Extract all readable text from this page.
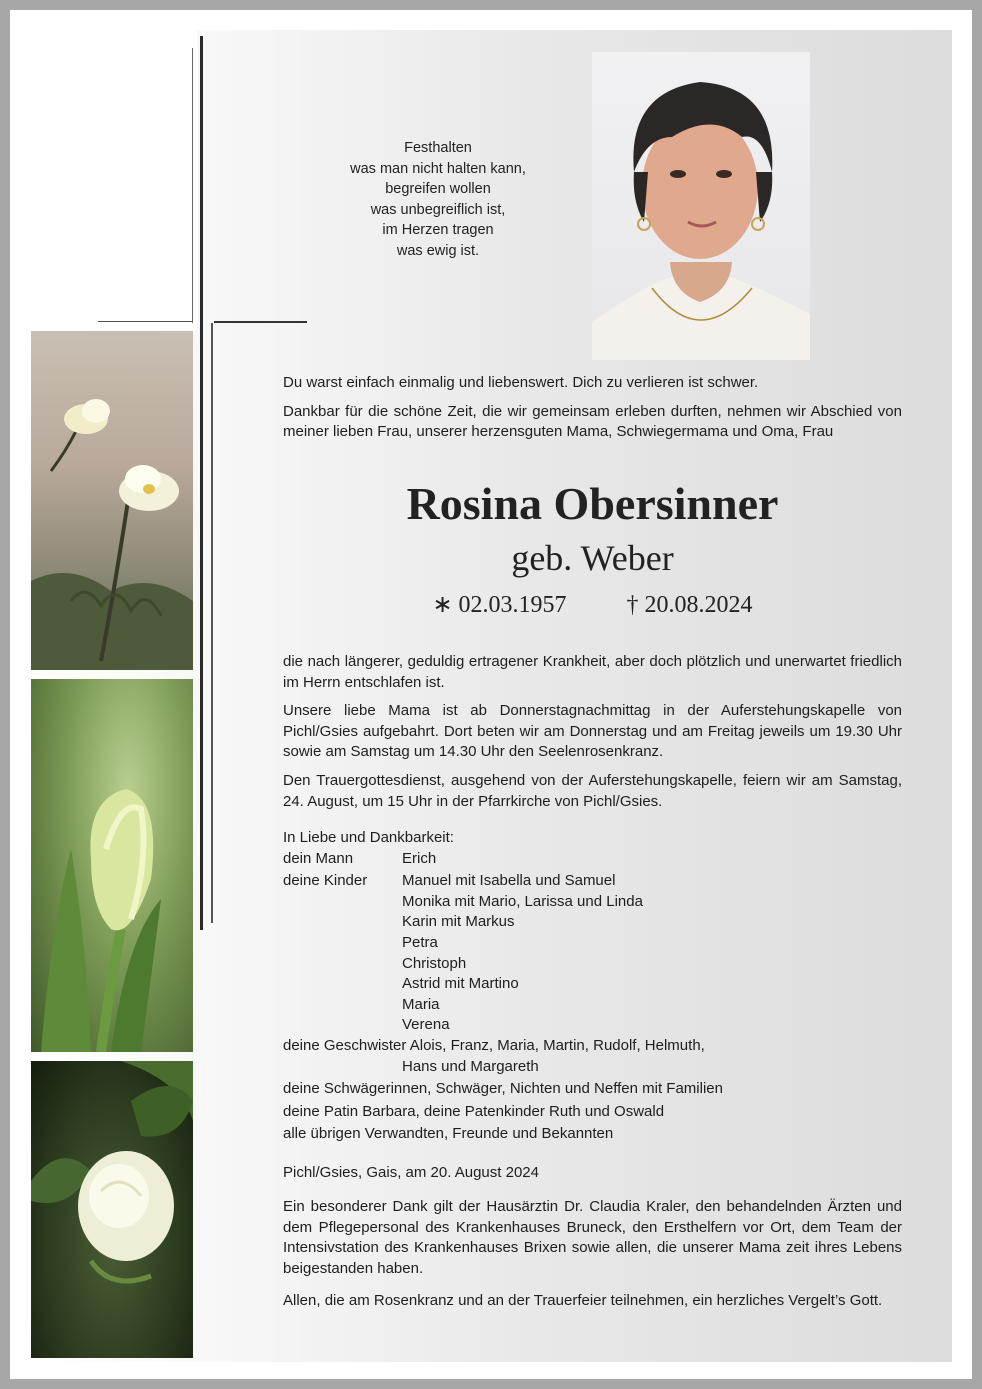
Festhalten
was man nicht halten kann,
begreifen wollen
was unbegreiflich ist,
im Herzen tragen
was ewig ist.

Du warst einfach einmalig und liebenswert. Dich zu verlieren ist schwer.

Dankbar für die schöne Zeit, die wir gemeinsam erleben durften, nehmen wir Abschied von meiner lieben Frau, unserer herzensguten Mama, Schwiegermama und Oma, Frau

Rosina Obersinner
geb. Weber
∗ 02.03.1957	† 20.08.2024

die nach längerer, geduldig ertragener Krankheit, aber doch plötzlich und unerwartet friedlich im Herrn entschlafen ist.

Unsere liebe Mama ist ab Donnerstagnachmittag in der Auferstehungskapelle von Pichl/Gsies aufgebahrt. Dort beten wir am Donnerstag und am Freitag jeweils um 19.30 Uhr sowie am Samstag um 14.30 Uhr den Seelenrosenkranz.

Den Trauergottesdienst, ausgehend von der Auferstehungskapelle, feiern wir am Samstag, 24. August, um 15 Uhr in der Pfarrkirche von Pichl/Gsies.

In Liebe und Dankbarkeit:
dein Mann	Erich
deine Kinder	Manuel mit Isabella und Samuel
Monika mit Mario, Larissa und Linda
Karin mit Markus
Petra
Christoph
Astrid mit Martino
Maria
Verena
deine Geschwister Alois, Franz, Maria, Martin, Rudolf, Helmuth,
Hans und Margareth
deine Schwägerinnen, Schwäger, Nichten und Neffen mit Familien
deine Patin Barbara, deine Patenkinder Ruth und Oswald
alle übrigen Verwandten, Freunde und Bekannten
Pichl/Gsies, Gais, am 20. August 2024

Ein besonderer Dank gilt der Hausärztin Dr. Claudia Kraler, den behandelnden Ärzten und dem Pflegepersonal des Krankenhauses Bruneck, den Ersthelfern vor Ort, dem Team der Intensivstation des Krankenhauses Brixen sowie allen, die unserer Mama zeit ihres Lebens beigestanden haben.

Allen, die am Rosenkranz und an der Trauerfeier teilnehmen, ein herzliches Vergelt’s Gott.
